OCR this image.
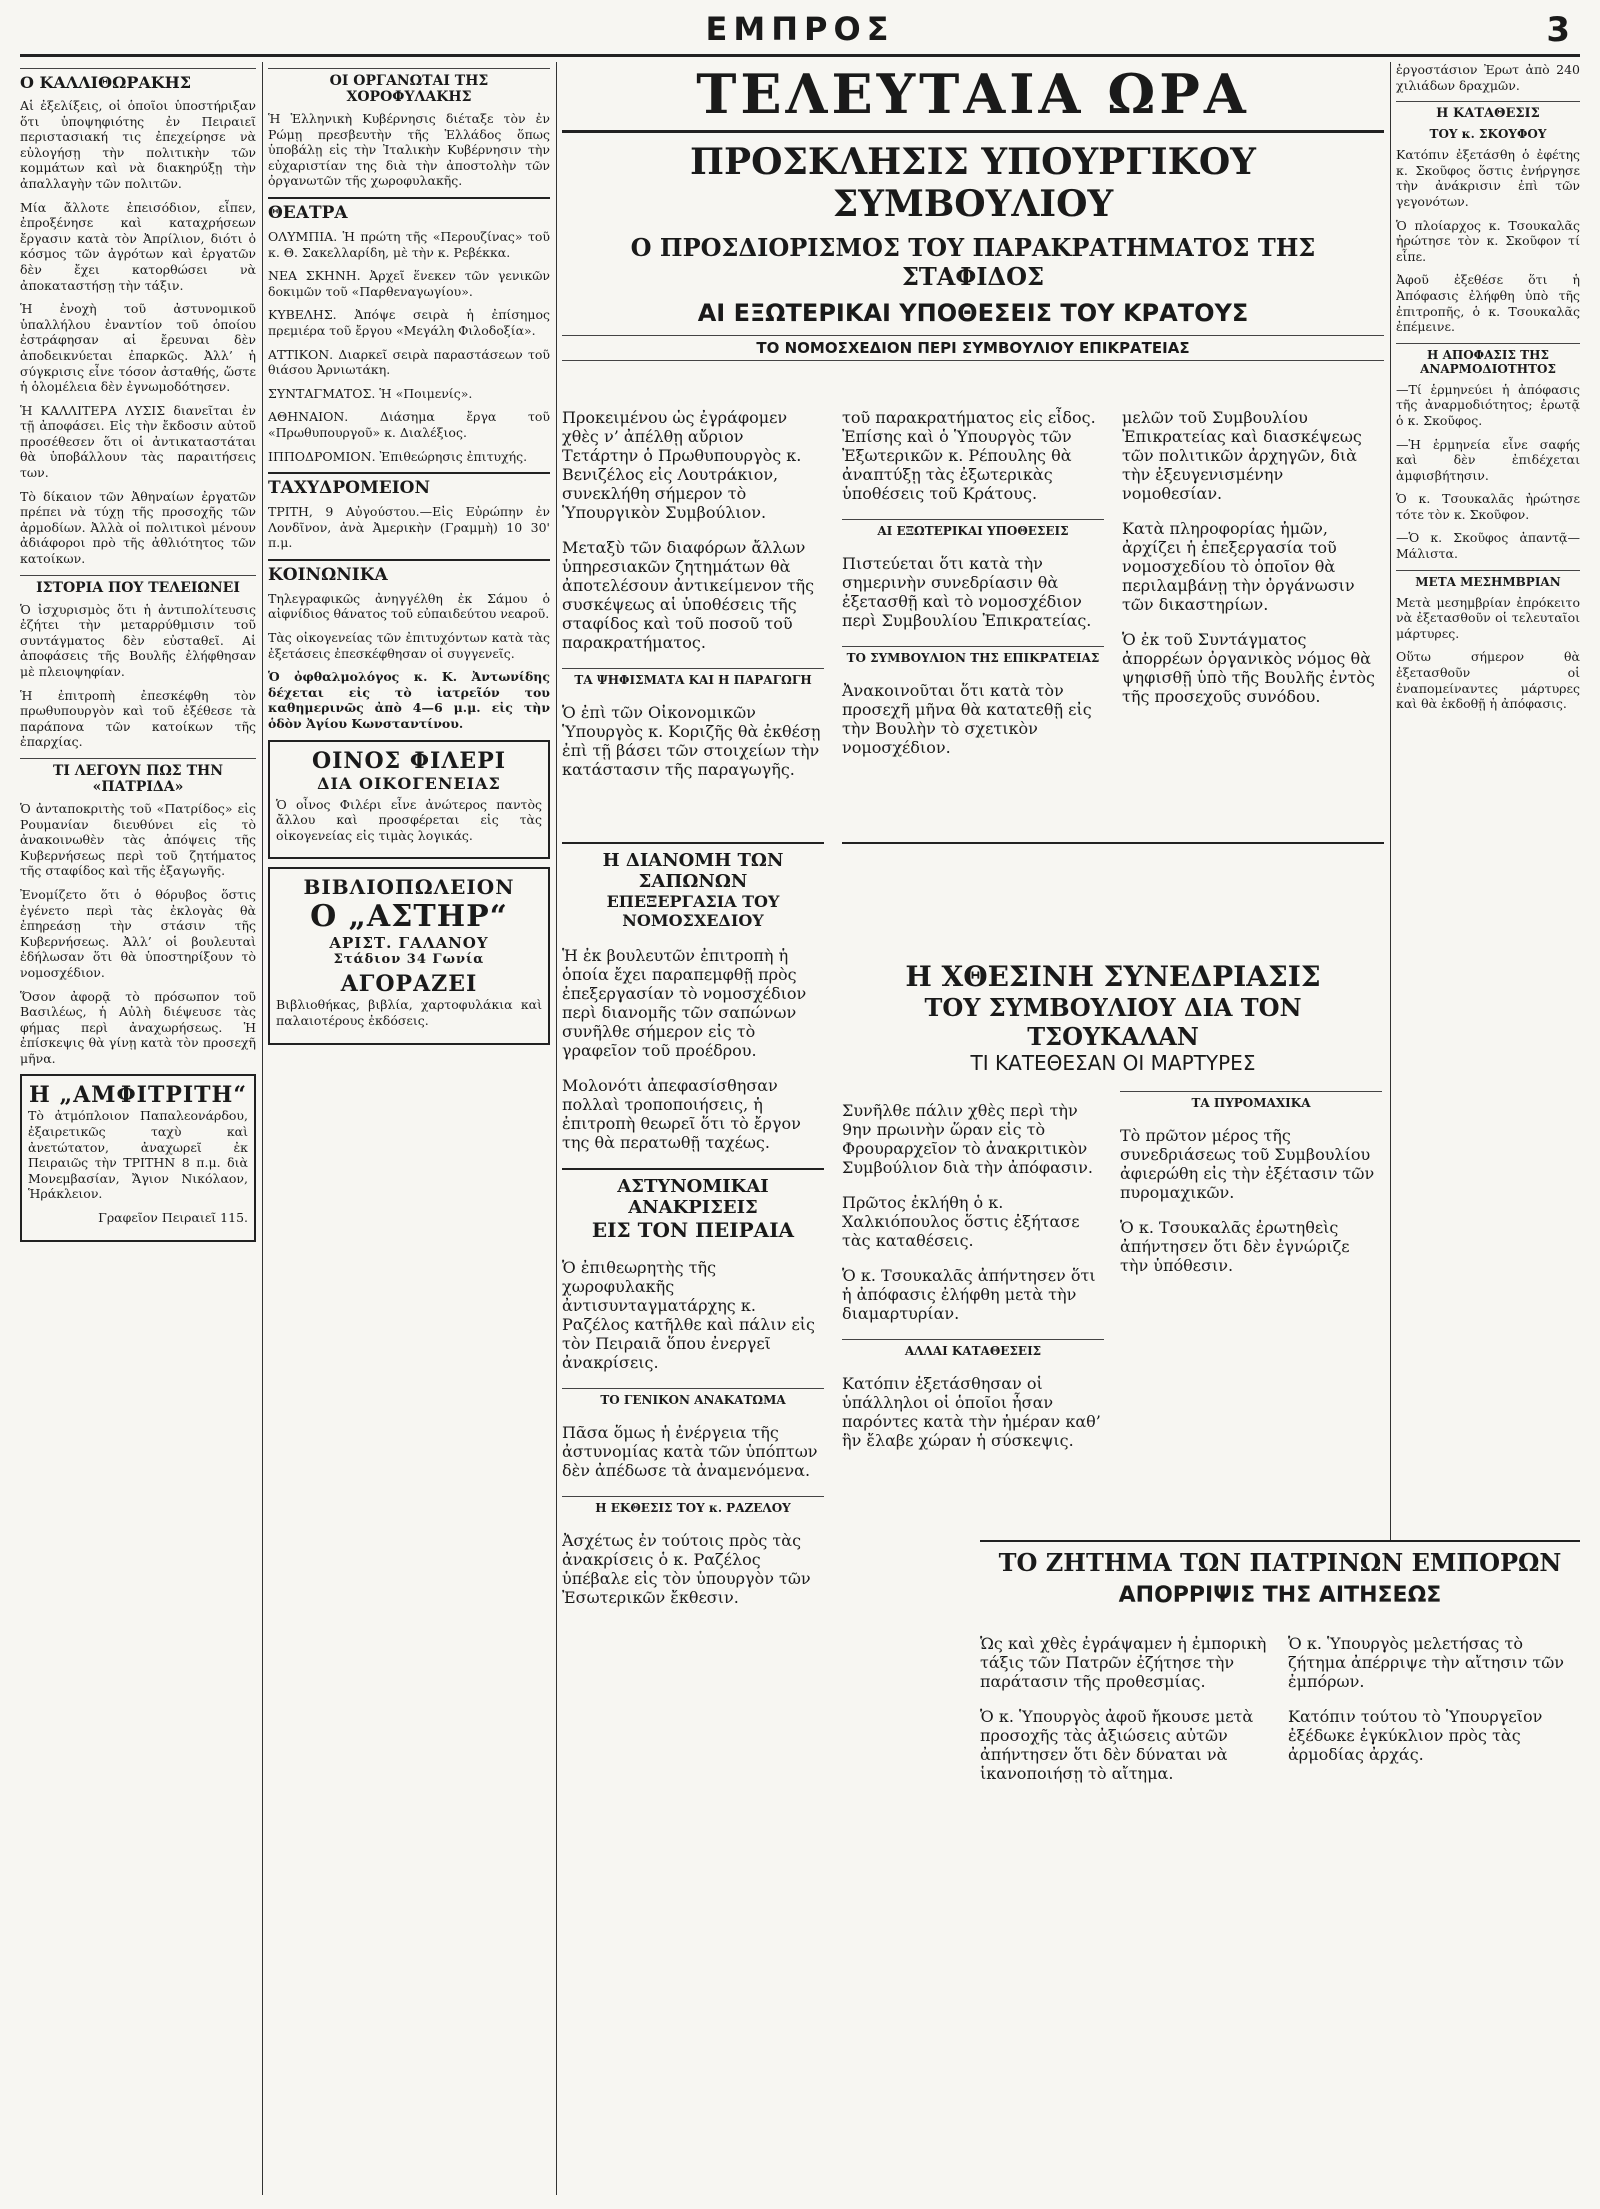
ΕΜΠΡΟΣ	3
Ο ΚΑΛΛΙΘΩΡΑΚΗΣ

Αἱ ἐξελίξεις, οἱ ὁποῖοι ὑποστήριξαν ὅτι ὑποψηφιότης ἐν Πειραιεῖ περιστασιακή τις ἐπεχείρησε νὰ εὐλογήσῃ τὴν πολιτικὴν τῶν κομμάτων καὶ νὰ διακηρύξῃ τὴν ἀπαλλαγὴν τῶν πολιτῶν.

Μία ἄλλοτε ἐπεισόδιον, εἶπεν, ἐπροξένησε καὶ καταχρήσεων ἔργασιν κατὰ τὸν Ἀπρίλιον, διότι ὁ κόσμος τῶν ἀγρότων καὶ ἐργατῶν δὲν ἔχει κατορθώσει νὰ ἀποκαταστήσῃ τὴν τάξιν.

Ἡ ἐνοχὴ τοῦ ἀστυνομικοῦ ὑπαλλήλου ἐναντίον τοῦ ὁποίου ἐστράφησαν αἱ ἔρευναι δὲν ἀποδεικνύεται ἐπαρκῶς. Ἀλλ’ ἡ σύγκρισις εἶνε τόσον ἀσταθής, ὥστε ἡ ὁλομέλεια δὲν ἐγνωμοδότησεν.

Ἡ ΚΑΛΛΙΤΕΡΑ ΛΥΣΙΣ διανεῖται ἐν τῇ ἀποφάσει. Εἰς τὴν ἔκδοσιν αὐτοῦ προσέθεσεν ὅτι οἱ ἀντικαταστάται θὰ ὑποβάλλουν τὰς παραιτήσεις των.

Τὸ δίκαιον τῶν Ἀθηναίων ἐργατῶν πρέπει νὰ τύχῃ τῆς προσοχῆς τῶν ἀρμοδίων. Ἀλλὰ οἱ πολιτικοὶ μένουν ἀδιάφοροι πρὸ τῆς ἀθλιότητος τῶν κατοίκων.

ΙΣΤΟΡΙΑ ΠΟΥ ΤΕΛΕΙΩΝΕΙ

Ὁ ἰσχυρισμὸς ὅτι ἡ ἀντιπολίτευσις ἐζήτει τὴν μεταρρύθμισιν τοῦ συντάγματος δὲν εὐσταθεῖ. Αἱ ἀποφάσεις τῆς Βουλῆς ἐλήφθησαν μὲ πλειοψηφίαν.

Ἡ ἐπιτροπὴ ἐπεσκέφθη τὸν πρωθυπουργὸν καὶ τοῦ ἐξέθεσε τὰ παράπονα τῶν κατοίκων τῆς ἐπαρχίας.

ΤΙ ΛΕΓΟΥΝ ΠΩΣ ΤΗΝ «ΠΑΤΡΙΔΑ»

Ὁ ἀνταποκριτὴς τοῦ «Πατρίδος» εἰς Ρουμανίαν διευθύνει εἰς τὸ ἀνακοινωθὲν τὰς ἀπόψεις τῆς Κυβερνήσεως περὶ τοῦ ζητήματος τῆς σταφίδος καὶ τῆς ἐξαγωγῆς.

Ἐνομίζετο ὅτι ὁ θόρυβος ὅστις ἐγένετο περὶ τὰς ἐκλογὰς θὰ ἐπηρεάσῃ τὴν στάσιν τῆς Κυβερνήσεως. Ἀλλ’ οἱ βουλευταὶ ἐδήλωσαν ὅτι θὰ ὑποστηρίξουν τὸ νομοσχέδιον.

Ὅσον ἀφορᾷ τὸ πρόσωπον τοῦ Βασιλέως, ἡ Αὐλὴ διέψευσε τὰς φήμας περὶ ἀναχωρήσεως. Ἡ ἐπίσκεψις θὰ γίνῃ κατὰ τὸν προσεχῆ μῆνα.

Η „ΑΜΦΙΤΡΙΤΗ“

Τὸ ἀτμόπλοιον Παπαλεονάρδου, ἐξαιρετικῶς ταχὺ καὶ ἀνετώτατον, ἀναχωρεῖ ἐκ Πειραιῶς τὴν ΤΡΙΤΗΝ 8 π.μ. διὰ Μονεμβασίαν, Ἄγιον Νικόλαον, Ἡράκλειον.

Γραφεῖον Πειραιεῖ 115.

ΟΙ ΟΡΓΑΝΩΤΑΙ ΤΗΣ ΧΟΡΟΦΥΛΑΚΗΣ

Ἡ Ἑλληνικὴ Κυβέρνησις διέταξε τὸν ἐν Ρώμῃ πρεσβευτὴν τῆς Ἑλλάδος ὅπως ὑποβάλῃ εἰς τὴν Ἰταλικὴν Κυβέρνησιν τὴν εὐχαριστίαν της διὰ τὴν ἀποστολὴν τῶν ὀργανωτῶν τῆς χωροφυλακῆς.

ΘΕΑΤΡΑ

ΟΛΥΜΠΙΑ. Ἡ πρώτη τῆς «Περουζίνας» τοῦ κ. Θ. Σακελλαρίδη, μὲ τὴν κ. Ρεβέκκα.

ΝΕΑ ΣΚΗΝΗ. Ἀρχεῖ ἕνεκεν τῶν γενικῶν δοκιμῶν τοῦ «Παρθεναγωγίου».

ΚΥΒΕΛΗΣ. Ἀπόψε σειρὰ ἡ ἐπίσημος πρεμιέρα τοῦ ἔργου «Μεγάλη Φιλοδοξία».

ΑΤΤΙΚΟΝ. Διαρκεῖ σειρὰ παραστάσεων τοῦ θιάσου Ἀρνιωτάκη.

ΣΥΝΤΑΓΜΑΤΟΣ. Ἡ «Ποιμενίς».

ΑΘΗΝΑΙΟΝ. Διάσημα ἔργα τοῦ «Πρωθυπουργοῦ» κ. Διαλέξιος.

ΙΠΠΟΔΡΟΜΙΟΝ. Ἐπιθεώρησις ἐπιτυχής.

ΤΑΧΥΔΡΟΜΕΙΟΝ

ΤΡΙΤΗ, 9 Αὐγούστου.—Εἰς Εὐρώπην ἐν Λονδῖνον, ἀνὰ Ἀμερικὴν (Γραμμὴ) 10 30' π.μ.

ΚΟΙΝΩΝΙΚΑ

Τηλεγραφικῶς ἀνηγγέλθη ἐκ Σάμου ὁ αἰφνίδιος θάνατος τοῦ εὐπαιδεύτου νεαροῦ.

Τὰς οἰκογενείας τῶν ἐπιτυχόντων κατὰ τὰς ἐξετάσεις ἐπεσκέφθησαν οἱ συγγενεῖς.

Ὁ ὀφθαλμολόγος κ. Κ. Ἀντωνίδης δέχεται εἰς τὸ ἰατρεῖόν του καθημερινῶς ἀπὸ 4—6 μ.μ. εἰς τὴν ὁδὸν Ἀγίου Κωνσταντίνου.

ΟΙΝΟΣ ΦΙΛΕΡΙ
ΔΙΑ ΟΙΚΟΓΕΝΕΙΑΣ

Ὁ οἶνος Φιλέρι εἶνε ἀνώτερος παντὸς ἄλλου καὶ προσφέρεται εἰς τὰς οἰκογενείας εἰς τιμὰς λογικάς.

ΒΙΒΛΙΟΠΩΛΕΙΟΝ
Ο „ΑΣΤΗΡ“
ΑΡΙΣΤ. ΓΑΛΑΝΟΥ
Στάδιον 34 Γωνία
ΑΓΟΡΑΖΕΙ

Βιβλιοθήκας, βιβλία, χαρτοφυλάκια καὶ παλαιοτέρους ἐκδόσεις.

ΤΕΛΕΥΤΑΙΑ ΩΡΑ
ΠΡΟΣΚΛΗΣΙΣ ΥΠΟΥΡΓΙΚΟΥ ΣΥΜΒΟΥΛΙΟΥ
Ο ΠΡΟΣΔΙΟΡΙΣΜΟΣ ΤΟΥ ΠΑΡΑΚΡΑΤΗΜΑΤΟΣ ΤΗΣ ΣΤΑΦΙΔΟΣ
ΑΙ ΕΞΩΤΕΡΙΚΑΙ ΥΠΟΘΕΣΕΙΣ ΤΟΥ ΚΡΑΤΟΥΣ
ΤΟ ΝΟΜΟΣΧΕΔΙΟΝ ΠΕΡΙ ΣΥΜΒΟΥΛΙΟΥ ΕΠΙΚΡΑΤΕΙΑΣ

Προκειμένου ὡς ἐγράφομεν χθὲς ν’ ἀπέλθῃ αὔριον Τετάρτην ὁ Πρωθυπουργὸς κ. Βενιζέλος εἰς Λουτράκιον, συνεκλήθη σήμερον τὸ Ὑπουργικὸν Συμβούλιον.

Μεταξὺ τῶν διαφόρων ἄλλων ὑπηρεσιακῶν ζητημάτων θὰ ἀποτελέσουν ἀντικείμενον τῆς συσκέψεως αἱ ὑποθέσεις τῆς σταφίδος καὶ τοῦ ποσοῦ τοῦ παρακρατήματος.

ΤΑ ΨΗΦΙΣΜΑΤΑ ΚΑΙ Η ΠΑΡΑΓΩΓΗ

Ὁ ἐπὶ τῶν Οἰκονομικῶν Ὑπουργὸς κ. Κοριζῆς θὰ ἐκθέσῃ ἐπὶ τῇ βάσει τῶν στοιχείων τὴν κατάστασιν τῆς παραγωγῆς.

τοῦ παρακρατήματος εἰς εἶδος. Ἐπίσης καὶ ὁ Ὑπουργὸς τῶν Ἐξωτερικῶν κ. Ρέπουλης θὰ ἀναπτύξῃ τὰς ἐξωτερικὰς ὑποθέσεις τοῦ Κράτους.

ΑΙ ΕΞΩΤΕΡΙΚΑΙ ΥΠΟΘΕΣΕΙΣ

Πιστεύεται ὅτι κατὰ τὴν σημερινὴν συνεδρίασιν θὰ ἐξετασθῇ καὶ τὸ νομοσχέδιον περὶ Συμβουλίου Ἐπικρατείας.

ΤΟ ΣΥΜΒΟΥΛΙΟΝ ΤΗΣ ΕΠΙΚΡΑΤΕΙΑΣ

Ἀνακοινοῦται ὅτι κατὰ τὸν προσεχῆ μῆνα θὰ κατατεθῇ εἰς τὴν Βουλὴν τὸ σχετικὸν νομοσχέδιον.

μελῶν τοῦ Συμβουλίου Ἐπικρατείας καὶ διασκέψεως τῶν πολιτικῶν ἀρχηγῶν, διὰ τὴν ἐξευγενισμένην νομοθεσίαν.

Κατὰ πληροφορίας ἡμῶν, ἀρχίζει ἡ ἐπεξεργασία τοῦ νομοσχεδίου τὸ ὁποῖον θὰ περιλαμβάνῃ τὴν ὀργάνωσιν τῶν δικαστηρίων.

Ὁ ἐκ τοῦ Συντάγματος ἀπορρέων ὀργανικὸς νόμος θὰ ψηφισθῇ ὑπὸ τῆς Βουλῆς ἐντὸς τῆς προσεχοῦς συνόδου.

Η ΔΙΑΝΟΜΗ ΤΩΝ ΣΑΠΩΝΩΝ
ΕΠΕΞΕΡΓΑΣΙΑ ΤΟΥ ΝΟΜΟΣΧΕΔΙΟΥ

Ἡ ἐκ βουλευτῶν ἐπιτροπὴ ἡ ὁποία ἔχει παραπεμφθῇ πρὸς ἐπεξεργασίαν τὸ νομοσχέδιον περὶ διανομῆς τῶν σαπώνων συνῆλθε σήμερον εἰς τὸ γραφεῖον τοῦ προέδρου.

Μολονότι ἀπεφασίσθησαν πολλαὶ τροποποιήσεις, ἡ ἐπιτροπὴ θεωρεῖ ὅτι τὸ ἔργον της θὰ περατωθῇ ταχέως.

ΑΣΤΥΝΟΜΙΚΑΙ ΑΝΑΚΡΙΣΕΙΣ
ΕΙΣ ΤΟΝ ΠΕΙΡΑΙΑ

Ὁ ἐπιθεωρητὴς τῆς χωροφυλακῆς ἀντισυνταγματάρχης κ. Ραζέλος κατῆλθε καὶ πάλιν εἰς τὸν Πειραιᾶ ὅπου ἐνεργεῖ ἀνακρίσεις.

ΤΟ ΓΕΝΙΚΟΝ ΑΝΑΚΑΤΩΜΑ

Πᾶσα ὅμως ἡ ἐνέργεια τῆς ἀστυνομίας κατὰ τῶν ὑπόπτων δὲν ἀπέδωσε τὰ ἀναμενόμενα.

Η ΕΚΘΕΣΙΣ ΤΟΥ κ. ΡΑΖΕΛΟΥ

Ἀσχέτως ἐν τούτοις πρὸς τὰς ἀνακρίσεις ὁ κ. Ραζέλος ὑπέβαλε εἰς τὸν ὑπουργὸν τῶν Ἐσωτερικῶν ἔκθεσιν.

Η ΧΘΕΣΙΝΗ ΣΥΝΕΔΡΙΑΣΙΣ
ΤΟΥ ΣΥΜΒΟΥΛΙΟΥ ΔΙΑ ΤΟΝ ΤΣΟΥΚΑΛΑΝ
ΤΙ ΚΑΤΕΘΕΣΑΝ ΟΙ ΜΑΡΤΥΡΕΣ

Συνῆλθε πάλιν χθὲς περὶ τὴν 9ην πρωινὴν ὥραν εἰς τὸ Φρουραρχεῖον τὸ ἀνακριτικὸν Συμβούλιον διὰ τὴν ἀπόφασιν.

Πρῶτος ἐκλήθη ὁ κ. Χαλκιόπουλος ὅστις ἐξήτασε τὰς καταθέσεις.

Ὁ κ. Τσουκαλᾶς ἀπήντησεν ὅτι ἡ ἀπόφασις ἐλήφθη μετὰ τὴν διαμαρτυρίαν.

ΑΛΛΑΙ ΚΑΤΑΘΕΣΕΙΣ

Κατόπιν ἐξετάσθησαν οἱ ὑπάλληλοι οἱ ὁποῖοι ἦσαν παρόντες κατὰ τὴν ἡμέραν καθ’ ἣν ἔλαβε χώραν ἡ σύσκεψις.

ΤΑ ΠΥΡΟΜΑΧΙΚΑ

Τὸ πρῶτον μέρος τῆς συνεδριάσεως τοῦ Συμβουλίου ἀφιερώθη εἰς τὴν ἐξέτασιν τῶν πυρομαχικῶν.

Ὁ κ. Τσουκαλᾶς ἐρωτηθεὶς ἀπήντησεν ὅτι δὲν ἐγνώριζε τὴν ὑπόθεσιν.

ἐργοστάσιον Ἐρωτ ἀπὸ 240 χιλιάδων δραχμῶν.

Η ΚΑΤΑΘΕΣΙΣ
ΤΟΥ κ. ΣΚΟΥΦΟΥ

Κατόπιν ἐξετάσθη ὁ ἐφέτης κ. Σκοῦφος ὅστις ἐνήργησε τὴν ἀνάκρισιν ἐπὶ τῶν γεγονότων.

Ὁ πλοίαρχος κ. Τσουκαλᾶς ἠρώτησε τὸν κ. Σκοῦφον τί εἶπε.

Ἀφοῦ ἐξεθέσε ὅτι ἡ Ἀπόφασις ἐλήφθη ὑπὸ τῆς ἐπιτροπῆς, ὁ κ. Τσουκαλᾶς ἐπέμεινε.

Η ΑΠΟΦΑΣΙΣ ΤΗΣ ΑΝΑΡΜΟΔΙΟΤΗΤΟΣ

—Τί ἑρμηνεύει ἡ ἀπόφασις τῆς ἀναρμοδιότητος; ἐρωτᾷ ὁ κ. Σκοῦφος.

—Ἡ ἑρμηνεία εἶνε σαφής καὶ δὲν ἐπιδέχεται ἀμφισβήτησιν.

Ὁ κ. Τσουκαλᾶς ἠρώτησε τότε τὸν κ. Σκοῦφον.

—Ὁ κ. Σκοῦφος ἀπαντᾷ—Μάλιστα.

ΜΕΤΑ ΜΕΣΗΜΒΡΙΑΝ

Μετὰ μεσημβρίαν ἐπρόκειτο νὰ ἐξετασθοῦν οἱ τελευταῖοι μάρτυρες.

Οὕτω σήμερον θὰ ἐξετασθοῦν οἱ ἐναπομείναντες μάρτυρες καὶ θὰ ἐκδοθῇ ἡ ἀπόφασις.

ΤΟ ΖΗΤΗΜΑ ΤΩΝ ΠΑΤΡΙΝΩΝ ΕΜΠΟΡΩΝ
ΑΠΟΡΡΙΨΙΣ ΤΗΣ ΑΙΤΗΣΕΩΣ

Ὡς καὶ χθὲς ἐγράψαμεν ἡ ἐμπορικὴ τάξις τῶν Πατρῶν ἐζήτησε τὴν παράτασιν τῆς προθεσμίας.

Ὁ κ. Ὑπουργὸς ἀφοῦ ἤκουσε μετὰ προσοχῆς τὰς ἀξιώσεις αὐτῶν ἀπήντησεν ὅτι δὲν δύναται νὰ ἱκανοποιήσῃ τὸ αἴτημα.

Ὁ κ. Ὑπουργὸς μελετήσας τὸ ζήτημα ἀπέρριψε τὴν αἴτησιν τῶν ἐμπόρων.

Κατόπιν τούτου τὸ Ὑπουργεῖον ἐξέδωκε ἐγκύκλιον πρὸς τὰς ἀρμοδίας ἀρχάς.
